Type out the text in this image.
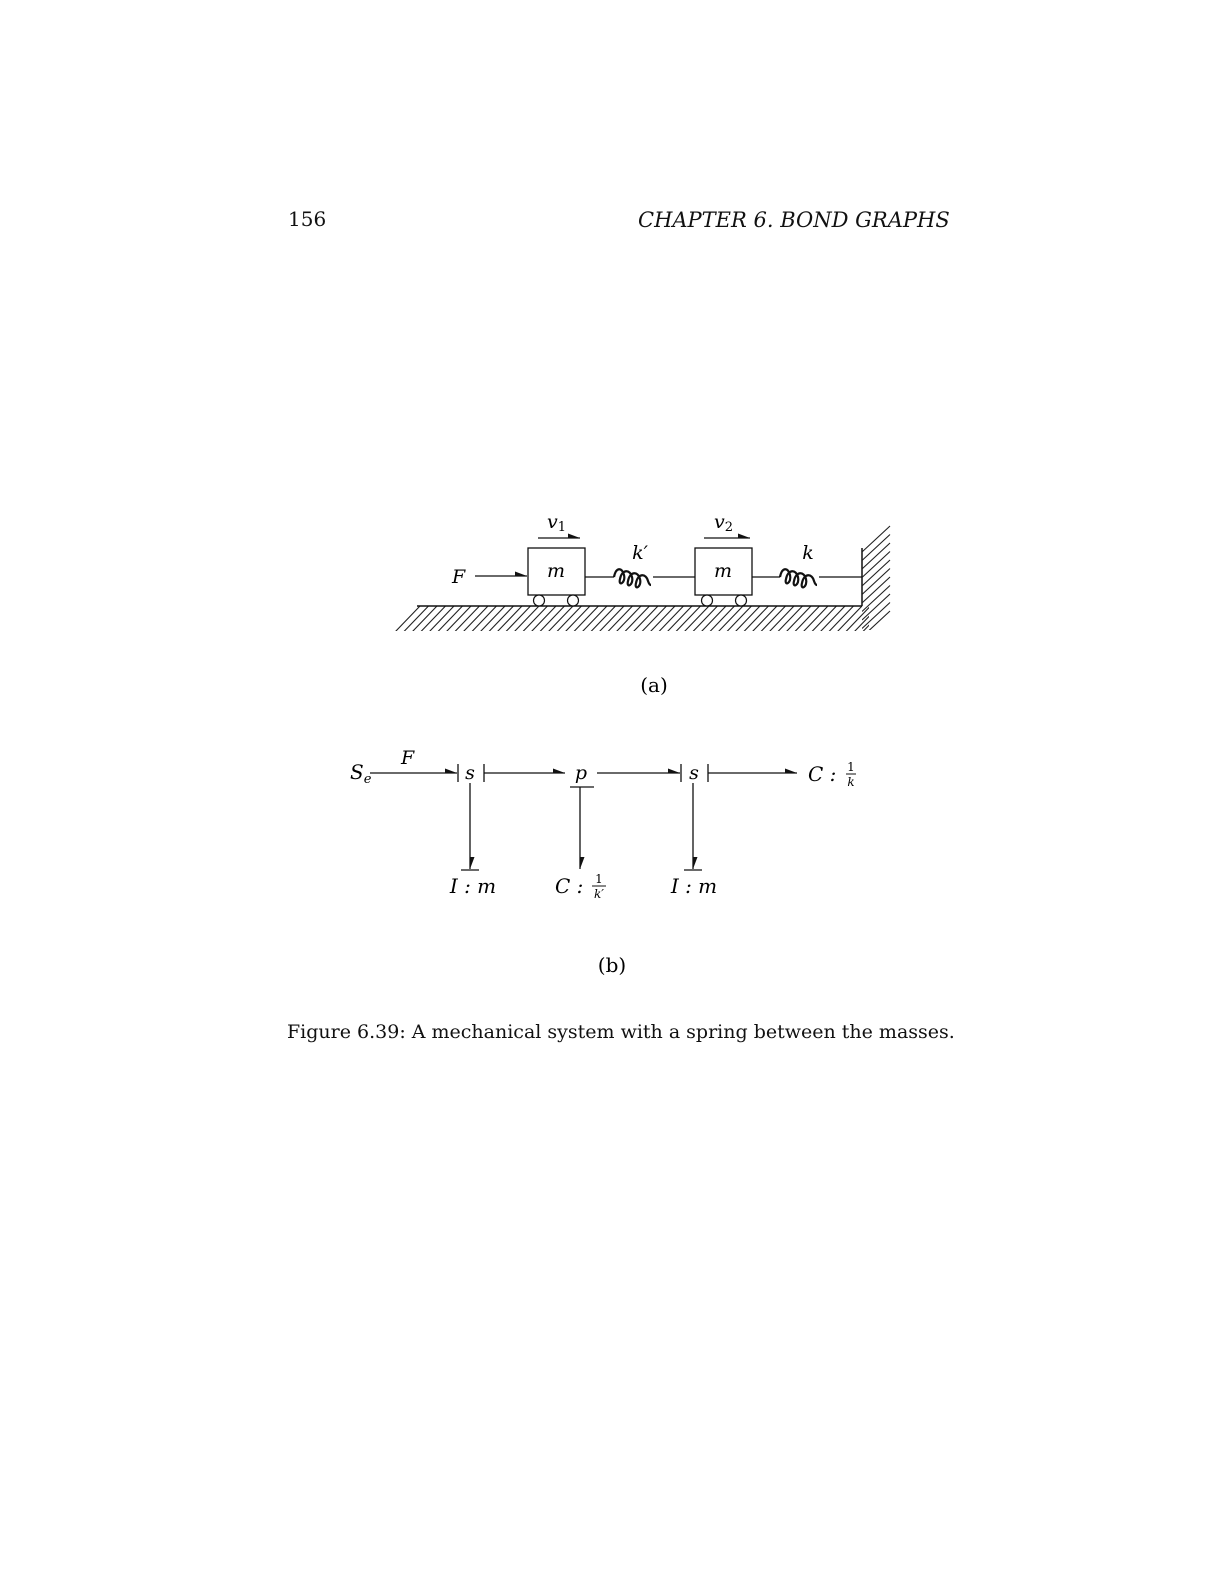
156	CHAPTER 6. BOND GRAPHS
F	m
v1
k′
m
v2
k
(a)
$S_e$
F
s	p	s	C : 1
k
I : m	C : 1
k′	I : m
(b)
Figure 6.39: A mechanical system with a spring between the masses.
